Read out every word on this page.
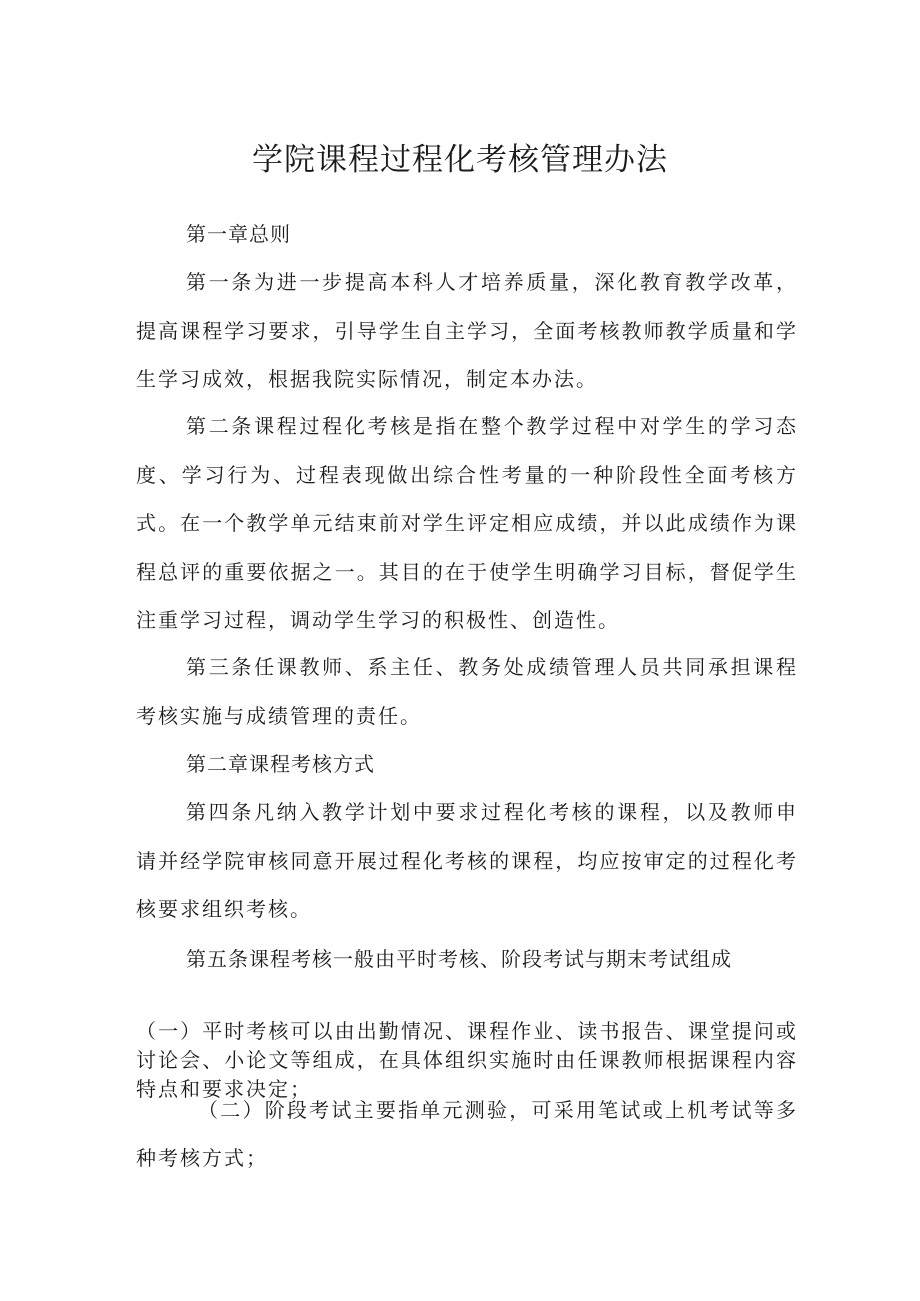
学院课程过程化考核管理办法
第一章总则
第一条为进一步提高本科人才培养质量，深化教育教学改革，提高课程学习要求，引导学生自主学习，全面考核教师教学质量和学生学习成效，根据我院实际情况，制定本办法。
第二条课程过程化考核是指在整个教学过程中对学生的学习态度、学习行为、过程表现做出综合性考量的一种阶段性全面考核方式。在一个教学单元结束前对学生评定相应成绩，并以此成绩作为课程总评的重要依据之一。其目的在于使学生明确学习目标，督促学生注重学习过程，调动学生学习的积极性、创造性。
第三条任课教师、系主任、教务处成绩管理人员共同承担课程考核实施与成绩管理的责任。
第二章课程考核方式
第四条凡纳入教学计划中要求过程化考核的课程，以及教师申请并经学院审核同意开展过程化考核的课程，均应按审定的过程化考核要求组织考核。
第五条课程考核一般由平时考核、阶段考试与期末考试组成
（一）平时考核可以由出勤情况、课程作业、读书报告、课堂提问或讨论会、小论文等组成，在具体组织实施时由任课教师根据课程内容特点和要求决定；
（二）阶段考试主要指单元测验，可采用笔试或上机考试等多种考核方式；
